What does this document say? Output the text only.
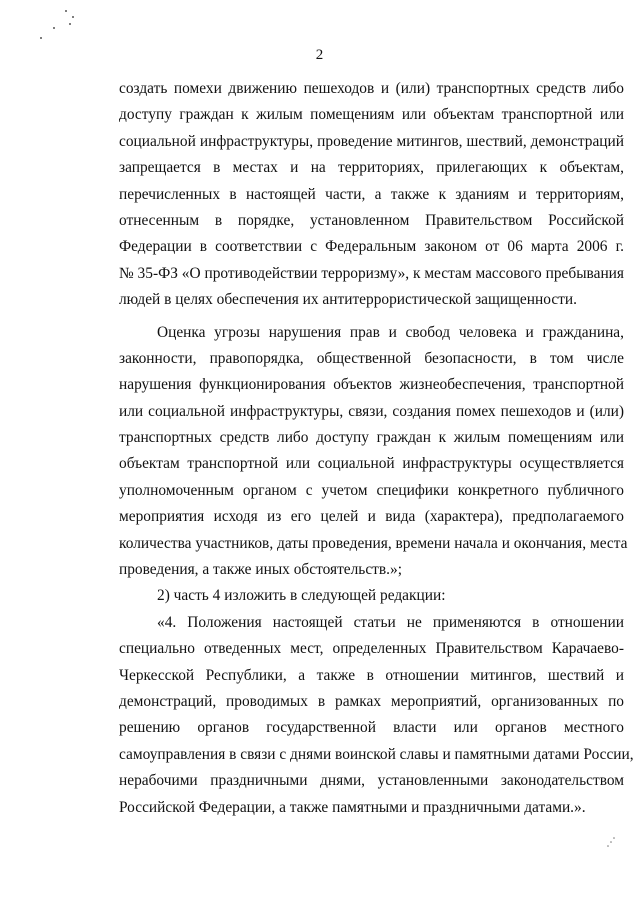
2
создать помехи движению пешеходов и (или) транспортных средств либо
доступу граждан к жилым помещениям или объектам транспортной или
социальной инфраструктуры, проведение митингов, шествий, демонстраций
запрещается в местах и на территориях, прилегающих к объектам,
перечисленных в настоящей части, а также к зданиям и территориям,
отнесенным в порядке, установленном Правительством Российской
Федерации в соответствии с Федеральным законом от 06 марта 2006 г.
№ 35-ФЗ «О противодействии терроризму», к местам массового пребывания
людей в целях обеспечения их антитеррористической защищенности.
Оценка угрозы нарушения прав и свобод человека и гражданина,
законности, правопорядка, общественной безопасности, в том числе
нарушения функционирования объектов жизнеобеспечения, транспортной
или социальной инфраструктуры, связи, создания помех пешеходов и (или)
транспортных средств либо доступу граждан к жилым помещениям или
объектам транспортной или социальной инфраструктуры осуществляется
уполномоченным органом с учетом специфики конкретного публичного
мероприятия исходя из его целей и вида (характера), предполагаемого
количества участников, даты проведения, времени начала и окончания, места
проведения, а также иных обстоятельств.»;
2) часть 4 изложить в следующей редакции:
«4. Положения настоящей статьи не применяются в отношении
специально отведенных мест, определенных Правительством Карачаево-
Черкесской Республики, а также в отношении митингов, шествий и
демонстраций, проводимых в рамках мероприятий, организованных по
решению органов государственной власти или органов местного
самоуправления в связи с днями воинской славы и памятными датами России,
нерабочими праздничными днями, установленными законодательством
Российской Федерации, а также памятными и праздничными датами.».
